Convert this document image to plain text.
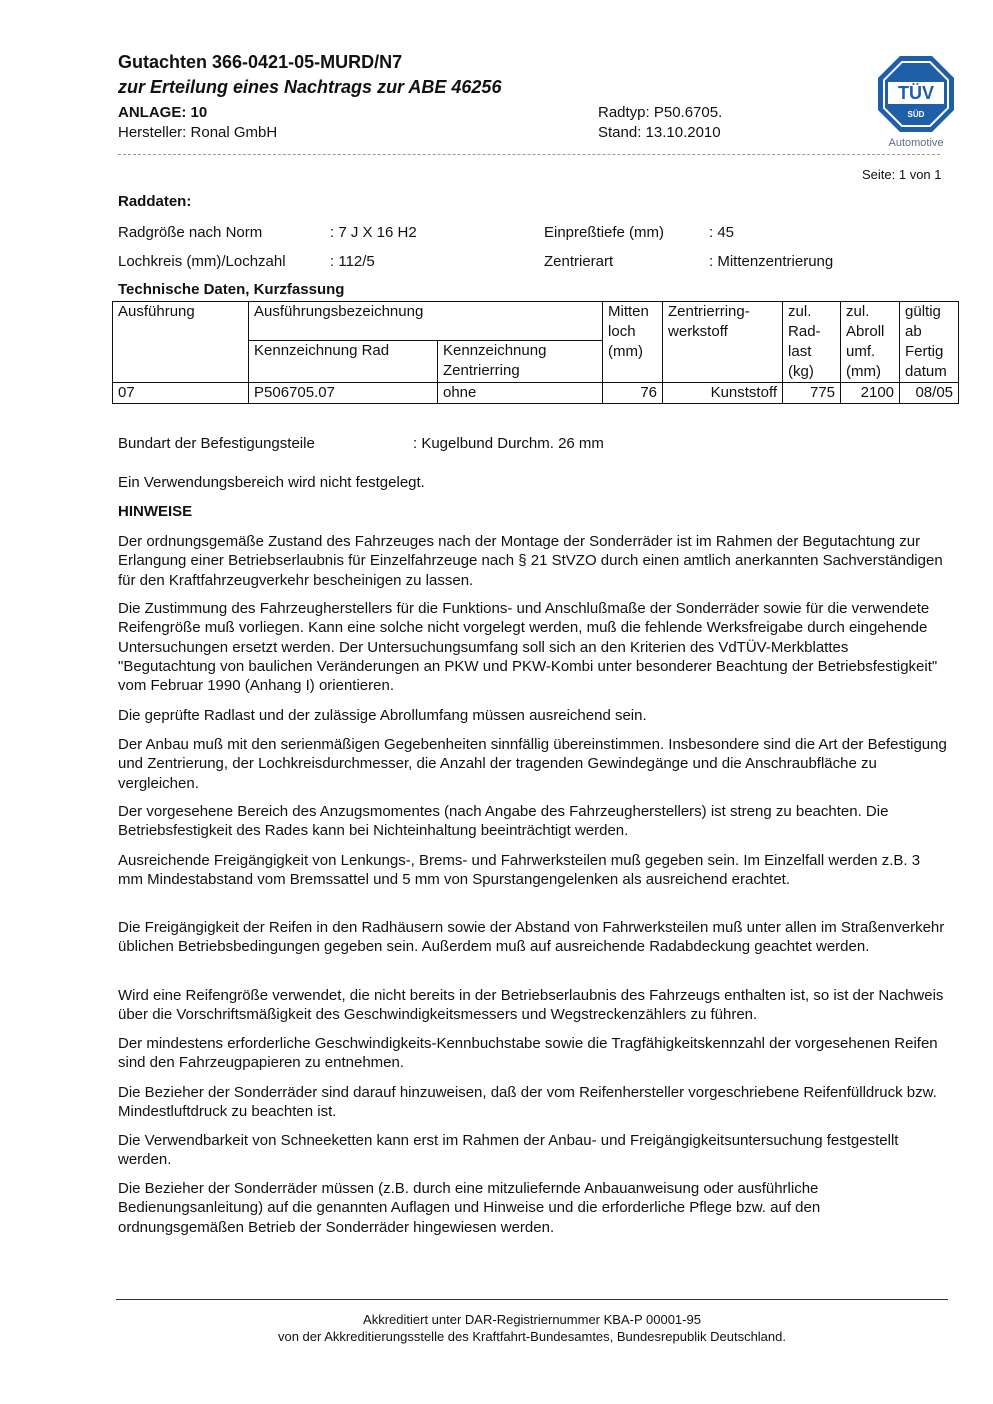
Gutachten 366-0421-05-MURD/N7
zur Erteilung eines Nachtrags zur ABE 46256
ANLAGE: 10
Hersteller: Ronal GmbH
Radtyp: P50.6705.
Stand: 13.10.2010
TÜV
SÜD
Automotive
Seite: 1 von 1
Raddaten:
Radgröße nach Norm	: 7 J X 16 H2	Einpreßtiefe (mm)	: 45
Lochkreis (mm)/Lochzahl	: 112/5	Zentrierart	: Mittenzentrierung
Technische Daten, Kurzfassung
Ausführung	Ausführungsbezeichnung		Mitten loch (mm)	Zentrierring-werkstoff	zul. Rad-last (kg)	zul. Abroll umf. (mm)	gültig ab Fertig datum
	Kennzeichnung Rad	Kennzeichnung Zentrierring					
07	P506705.07	ohne	76	Kunststoff	775	2100	08/05
Bundart der Befestigungsteile	: Kugelbund Durchm. 26 mm
Ein Verwendungsbereich wird nicht festgelegt.
HINWEISE
Der ordnungsgemäße Zustand des Fahrzeuges nach der Montage der Sonderräder ist im Rahmen der Begutachtung zur Erlangung einer Betriebserlaubnis für Einzelfahrzeuge nach § 21 StVZO durch einen amtlich anerkannten Sachverständigen für den Kraftfahrzeugverkehr bescheinigen zu lassen.
Die Zustimmung des Fahrzeugherstellers für die Funktions- und Anschlußmaße der Sonderräder sowie für die verwendete Reifengröße muß vorliegen. Kann eine solche nicht vorgelegt werden, muß die fehlende Werksfreigabe durch eingehende Untersuchungen ersetzt werden. Der Untersuchungsumfang soll sich an den Kriterien des VdTÜV-Merkblattes "Begutachtung von baulichen Veränderungen an PKW und PKW-Kombi unter besonderer Beachtung der Betriebsfestigkeit" vom Februar 1990 (Anhang I) orientieren.
Die geprüfte Radlast und der zulässige Abrollumfang müssen ausreichend sein.
Der Anbau muß mit den serienmäßigen Gegebenheiten sinnfällig übereinstimmen. Insbesondere sind die Art der Befestigung und Zentrierung, der Lochkreisdurchmesser, die Anzahl der tragenden Gewindegänge und die Anschraubfläche zu vergleichen.
Der vorgesehene Bereich des Anzugsmomentes (nach Angabe des Fahrzeugherstellers) ist streng zu beachten. Die Betriebsfestigkeit des Rades kann bei Nichteinhaltung beeinträchtigt werden.
Ausreichende Freigängigkeit von Lenkungs-, Brems- und Fahrwerksteilen muß gegeben sein. Im Einzelfall werden z.B. 3 mm Mindestabstand vom Bremssattel und 5 mm von Spurstangengelenken als ausreichend erachtet.
Die Freigängigkeit der Reifen in den Radhäusern sowie der Abstand von Fahrwerksteilen muß unter allen im Straßenverkehr üblichen Betriebsbedingungen gegeben sein. Außerdem muß auf ausreichende Radabdeckung geachtet werden.
Wird eine Reifengröße verwendet, die nicht bereits in der Betriebserlaubnis des Fahrzeugs enthalten ist, so ist der Nachweis über die Vorschriftsmäßigkeit des Geschwindigkeitsmessers und Wegstreckenzählers zu führen.
Der mindestens erforderliche Geschwindigkeits-Kennbuchstabe sowie die Tragfähigkeitskennzahl der vorgesehenen Reifen sind den Fahrzeugpapieren zu entnehmen.
Die Bezieher der Sonderräder sind darauf hinzuweisen, daß der vom Reifenhersteller vorgeschriebene Reifenfülldruck bzw. Mindestluftdruck zu beachten ist.
Die Verwendbarkeit von Schneeketten kann erst im Rahmen der Anbau- und Freigängigkeitsuntersuchung festgestellt werden.
Die Bezieher der Sonderräder müssen (z.B. durch eine mitzuliefernde Anbauanweisung oder ausführliche Bedienungsanleitung) auf die genannten Auflagen und Hinweise und die erforderliche Pflege bzw. auf den ordnungsgemäßen Betrieb der Sonderräder hingewiesen werden.
Akkreditiert unter DAR-Registriernummer KBA-P 00001-95
von der Akkreditierungsstelle des Kraftfahrt-Bundesamtes, Bundesrepublik Deutschland.
